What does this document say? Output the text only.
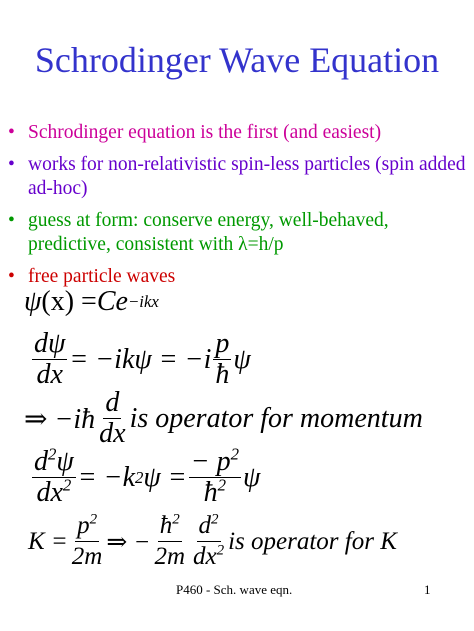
Schrodinger Wave Equation
• Schrodinger equation is the first (and easiest)
• works for non-relativistic spin-less particles (spin added ad-hoc)
• guess at form: conserve energy, well-behaved, predictive, consistent with λ=h/p
• free particle waves
ψ (x) = Ce −ikx
$\frac{d\psi}{dx} = -ik\psi = -i \frac{p}{ħ}$ ψ
⇒ −iħ $\frac{d}{dx}$ is operator for momentum
$\frac{d^2\psi}{dx^2} = -k$ 2 $\psi = \frac{- p^2}{ħ^2}$ ψ
$K = \frac{p^2}{2m}$ ⇒ − $\frac{ħ^2}{2m} \frac{d^2}{dx^2}$ is operator for K
P460 - Sch. wave eqn.	1
